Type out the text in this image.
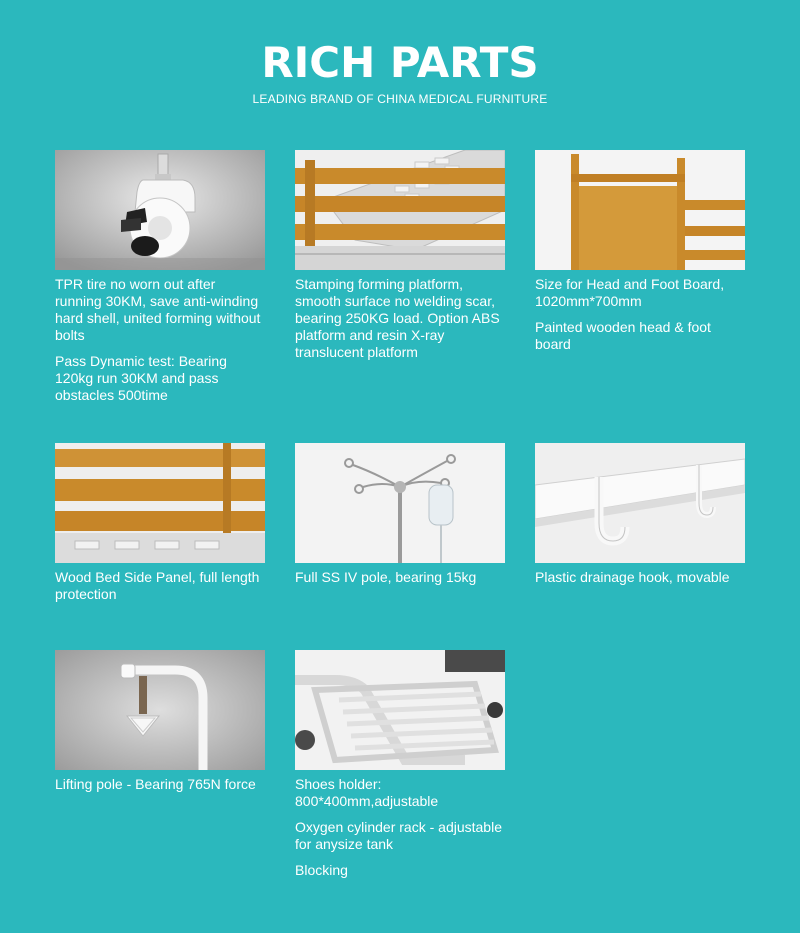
RICH PARTS
LEADING BRAND OF CHINA MEDICAL FURNITURE

TPR tire no worn out after running 30KM, save anti-winding hard shell, united forming without bolts

Pass Dynamic test: Bearing 120kg run 30KM and pass obstacles 500time

Stamping forming platform, smooth surface no welding scar, bearing 250KG load. Option ABS platform and resin X-ray translucent platform

Size for Head and Foot Board, 1020mm*700mm

Painted wooden head & foot board

Wood Bed Side Panel, full length protection

Full SS IV pole, bearing 15kg	Plastic drainage hook, movable

Lifting pole - Bearing 765N force	Shoes holder: 800*400mm,adjustable

Oxygen cylinder rack - adjustable for anysize tank

Blocking
